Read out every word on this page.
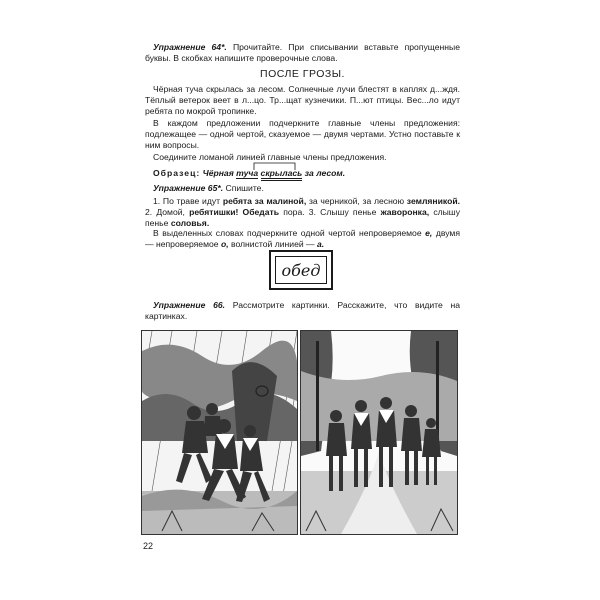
Упражнение 64*. Прочитайте. При списывании вставьте пропущенные буквы. В скобках напишите проверочные слова.
ПОСЛЕ ГРОЗЫ.
Чёрная туча скрылась за лесом. Солнечные лучи блестят в каплях д...ждя. Тёплый ветерок веет в л...цо. Тр...щат кузнечики. П...ют птицы. Вес...ло идут ребята по мокрой тропинке.
В каждом предложении подчеркните главные члены предложения: подлежащее — одной чертой, сказуемое — двумя чертами. Устно поставьте к ним вопросы.
Соедините ломаной линией главные члены предложения.
Образец: Чёрная туча скрылась за лесом.
Упражнение 65*. Спишите.
1. По траве идут ребята за малиной, за черникой, за лесною земляникой. 2. Домой, ребятишки! Обедать пора. 3. Слышу пенье жаворонка, слышу пенье соловья.
В выделенных словах подчеркните одной чертой непроверяемое е, двумя — непроверяемое о, волнистой линией — а.
обед
Упражнение 66. Рассмотрите картинки. Расскажите, что видите на картинках.
22
